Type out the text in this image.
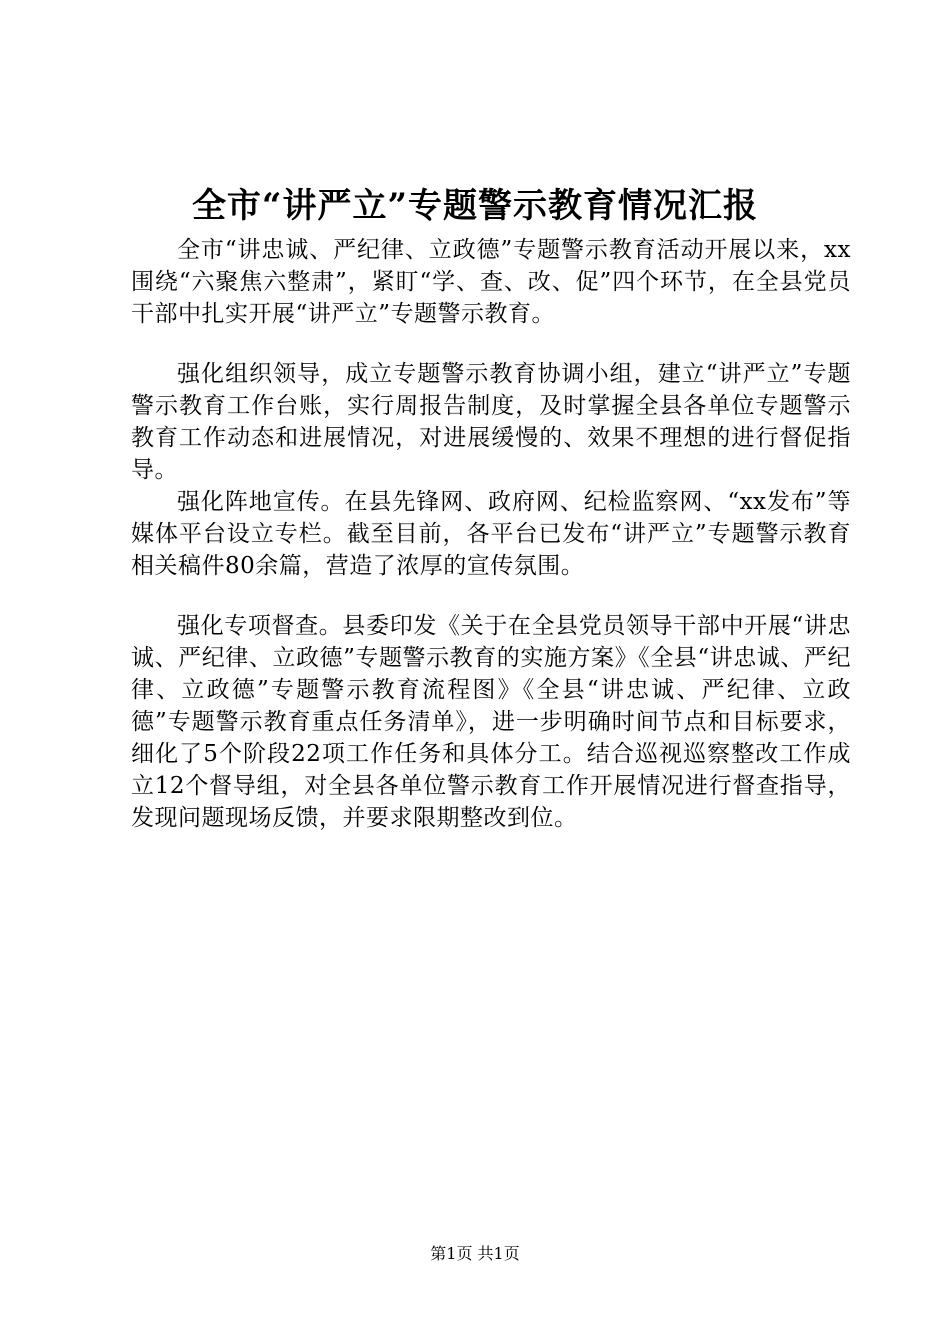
全市“讲严立”专题警示教育情况汇报

全市“讲忠诚、严纪律、立政德”专题警示教育活动开展以来，xx围绕“六聚焦六整肃”，紧盯“学、查、改、促”四个环节，在全县党员干部中扎实开展“讲严立”专题警示教育。

强化组织领导，成立专题警示教育协调小组，建立“讲严立”专题警示教育工作台账，实行周报告制度，及时掌握全县各单位专题警示教育工作动态和进展情况，对进展缓慢的、效果不理想的进行督促指导。

强化阵地宣传。在县先锋网、政府网、纪检监察网、“xx发布”等媒体平台设立专栏。截至目前，各平台已发布“讲严立”专题警示教育相关稿件80余篇，营造了浓厚的宣传氛围。

强化专项督查。县委印发《关于在全县党员领导干部中开展“讲忠诚、严纪律、立政德”专题警示教育的实施方案》《全县“讲忠诚、严纪律、立政德”专题警示教育流程图》《全县“讲忠诚、严纪律、立政德”专题警示教育重点任务清单》，进一步明确时间节点和目标要求，细化了5个阶段22项工作任务和具体分工。结合巡视巡察整改工作成立12个督导组，对全县各单位警示教育工作开展情况进行督查指导，发现问题现场反馈，并要求限期整改到位。

第1页 共1页
